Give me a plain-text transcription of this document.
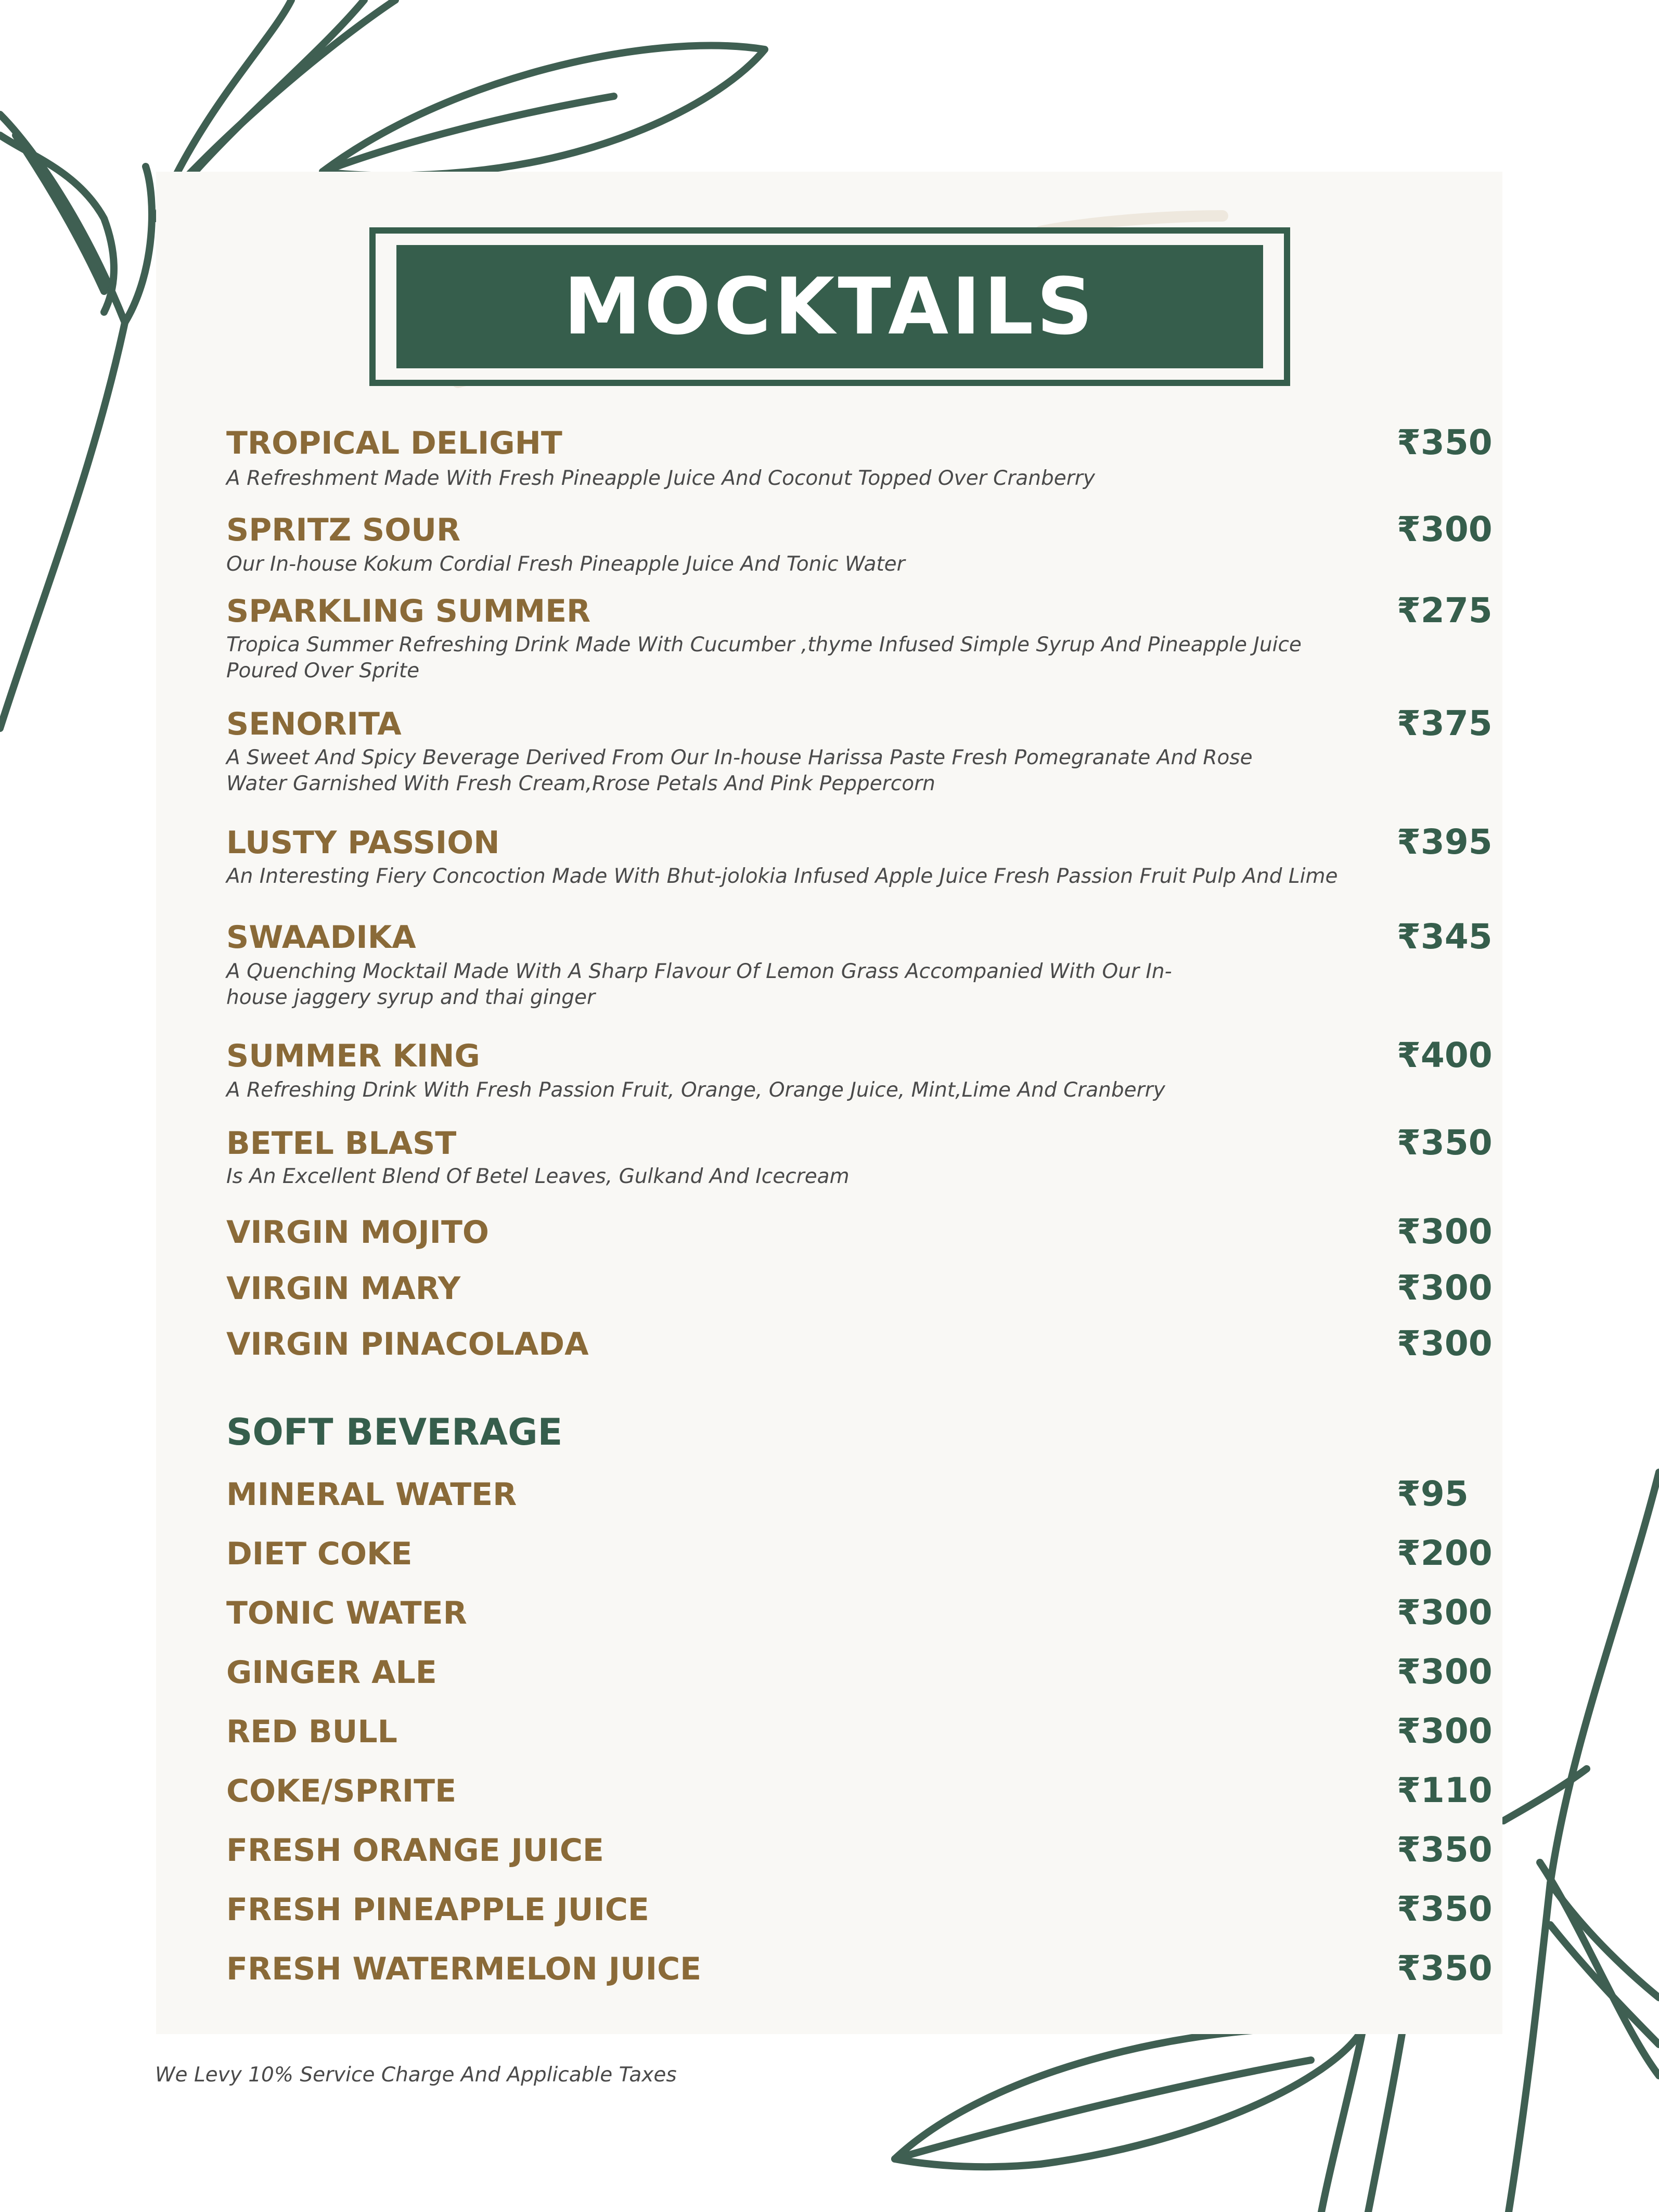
MOCKTAILS
TROPICAL DELIGHT	₹350
A Refreshment Made With Fresh Pineapple Juice And Coconut Topped Over Cranberry
SPRITZ SOUR	₹300
Our In-house Kokum Cordial Fresh Pineapple Juice And Tonic Water
SPARKLING SUMMER	₹275
Tropica Summer Refreshing Drink Made With Cucumber ,thyme Infused Simple Syrup And Pineapple Juice Poured Over Sprite
SENORITA	₹375
A Sweet And Spicy Beverage Derived From Our In-house Harissa Paste Fresh Pomegranate And Rose Water Garnished With Fresh Cream,Rrose Petals And Pink Peppercorn
LUSTY PASSION	₹395
An Interesting Fiery Concoction Made With Bhut-jolokia Infused Apple Juice Fresh Passion Fruit Pulp And Lime
SWAADIKA	₹345
A Quenching Mocktail Made With A Sharp Flavour Of Lemon Grass Accompanied With Our In-house jaggery syrup and thai ginger
SUMMER KING	₹400
A Refreshing Drink With Fresh Passion Fruit, Orange, Orange Juice, Mint,Lime And Cranberry
BETEL BLAST	₹350
Is An Excellent Blend Of Betel Leaves, Gulkand And Icecream
VIRGIN MOJITO	₹300
VIRGIN MARY	₹300
VIRGIN PINACOLADA	₹300
SOFT BEVERAGE
MINERAL WATER	₹95
DIET COKE	₹200
TONIC WATER	₹300
GINGER ALE	₹300
RED BULL	₹300
COKE/SPRITE	₹110
FRESH ORANGE JUICE	₹350
FRESH PINEAPPLE JUICE	₹350
FRESH WATERMELON JUICE	₹350
We Levy 10% Service Charge And Applicable Taxes
